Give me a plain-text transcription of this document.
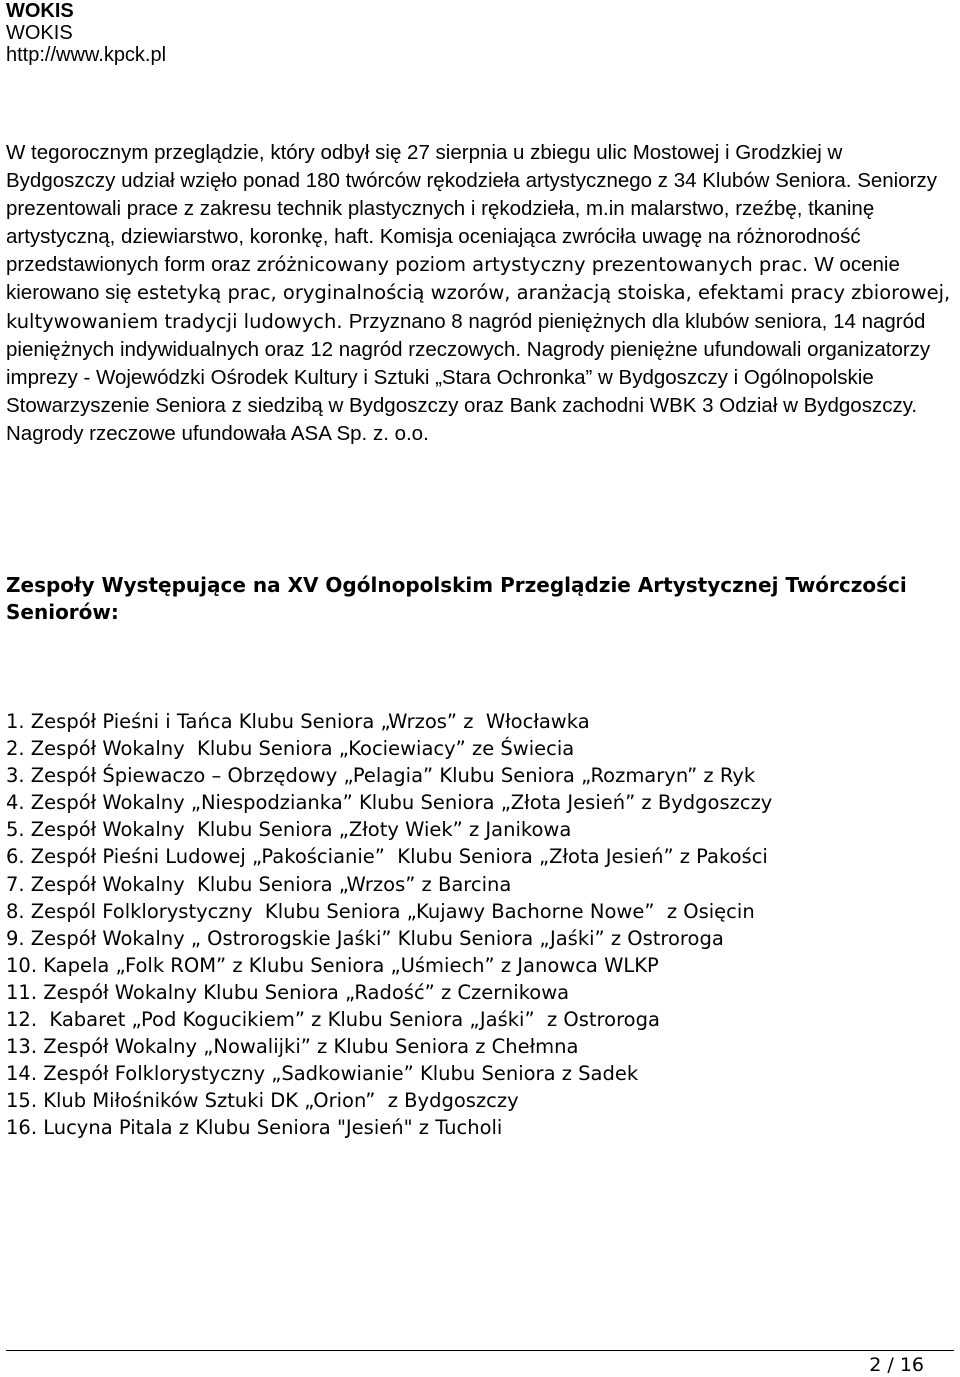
WOKIS
WOKIS
http://www.kpck.pl
W tegorocznym przeglądzie, który odbył się 27 sierpnia u zbiegu ulic Mostowej i Grodzkiej w Bydgoszczy udział wzięło ponad 180 twórców rękodzieła artystycznego z 34 Klubów Seniora. Seniorzy prezentowali prace z zakresu technik plastycznych i rękodzieła, m.in malarstwo, rzeźbę, tkaninę artystyczną, dziewiarstwo, koronkę, haft. Komisja oceniająca zwróciła uwagę na różnorodność przedstawionych form oraz zróżnicowany poziom artystyczny prezentowanych prac. W ocenie kierowano się estetyką prac, oryginalnością wzorów, aranżacją stoiska, efektami pracy zbiorowej, kultywowaniem tradycji ludowych. Przyznano 8 nagród pieniężnych dla klubów seniora, 14 nagród pieniężnych indywidualnych oraz 12 nagród rzeczowych. Nagrody pieniężne ufundowali organizatorzy imprezy - Wojewódzki Ośrodek Kultury i Sztuki „Stara Ochronka” w Bydgoszczy i Ogólnopolskie Stowarzyszenie Seniora z siedzibą w Bydgoszczy oraz Bank zachodni WBK 3 Odział w Bydgoszczy. Nagrody rzeczowe ufundowała ASA Sp. z. o.o.
Zespoły Występujące na XV Ogólnopolskim Przeglądzie Artystycznej Twórczości Seniorów:
1. Zespół Pieśni i Tańca Klubu Seniora „Wrzos” z  Włocławka
2. Zespół Wokalny  Klubu Seniora „Kociewiacy” ze Świecia
3. Zespół Śpiewaczo – Obrzędowy „Pelagia” Klubu Seniora „Rozmaryn” z Ryk
4. Zespół Wokalny „Niespodzianka” Klubu Seniora „Złota Jesień” z Bydgoszczy
5. Zespół Wokalny  Klubu Seniora „Złoty Wiek” z Janikowa
6. Zespół Pieśni Ludowej „Pakościanie”  Klubu Seniora „Złota Jesień” z Pakości
7. Zespół Wokalny  Klubu Seniora „Wrzos” z Barcina
8. Zespól Folklorystyczny  Klubu Seniora „Kujawy Bachorne Nowe”  z Osięcin
9. Zespół Wokalny „ Ostrorogskie Jaśki” Klubu Seniora „Jaśki” z Ostroroga
10. Kapela „Folk ROM” z Klubu Seniora „Uśmiech” z Janowca WLKP
11. Zespół Wokalny Klubu Seniora „Radość” z Czernikowa
12.  Kabaret „Pod Kogucikiem” z Klubu Seniora „Jaśki”  z Ostroroga
13. Zespół Wokalny „Nowalijki” z Klubu Seniora z Chełmna
14. Zespół Folklorystyczny „Sadkowianie” Klubu Seniora z Sadek
15. Klub Miłośników Sztuki DK „Orion”  z Bydgoszczy
16. Lucyna Pitala z Klubu Seniora "Jesień" z Tucholi
2 / 16
